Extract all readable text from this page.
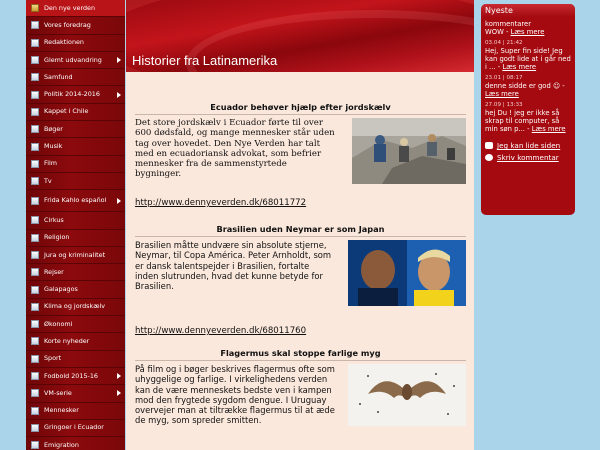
Den nye verden
Vores foredrag
Redaktionen
Glemt udvandring
Samfund
Politik 2014-2016
Kappet i Chile
Bøger
Musik
Film
Tv
Frida Kahlo español
Cirkus
Religion
Jura og kriminalitet
Rejser
Galapagos
Klima og jordskælv
Økonomi
Korte nyheder
Sport
Fodbold 2015-16
VM-serie
Mennesker
Gringoer i Ecuador
Emigration
Historier fra Latinamerika
Ecuador behøver hjælp efter jordskælv
Det store jordskælv i Ecuador førte til over 600 dødsfald, og mange mennesker står uden tag over hovedet. Den Nye Verden har talt med en ecuadoriansk advokat, som befrier mennesker fra de sammenstyrtede bygninger.
http://www.dennyeverden.dk/68011772
Brasilien uden Neymar er som Japan
Brasilien måtte undvære sin absolute stjerne, Neymar, til Copa América. Peter Arnholdt, som er dansk talentspejder i Brasilien, fortalte inden slutrunden, hvad det kunne betyde for Brasilien.
http://www.dennyeverden.dk/68011760
Flagermus skal stoppe farlige myg
På film og i bøger beskrives flagermus ofte som uhyggelige og farlige. I virkelighedens verden kan de være menneskets bedste ven i kampen mod den frygtede sygdom dengue. I Uruguay overvejer man at tiltrække flagermus til at æde de myg, som spreder smitten.
Nyeste
kommentarer
WOW - Læs mere
03.04 | 21:42
Hej, Super fin side! Jeg kan godt lide at i går ned i ... - Læs mere
23.01 | 08:17
denne sidde er god ☺ - Læs mere
27.09 | 13:33
hej Du ! jeg er ikke så skrap til computer, så min søn p... - Læs mere
Jeg kan lide siden
Skriv kommentar
